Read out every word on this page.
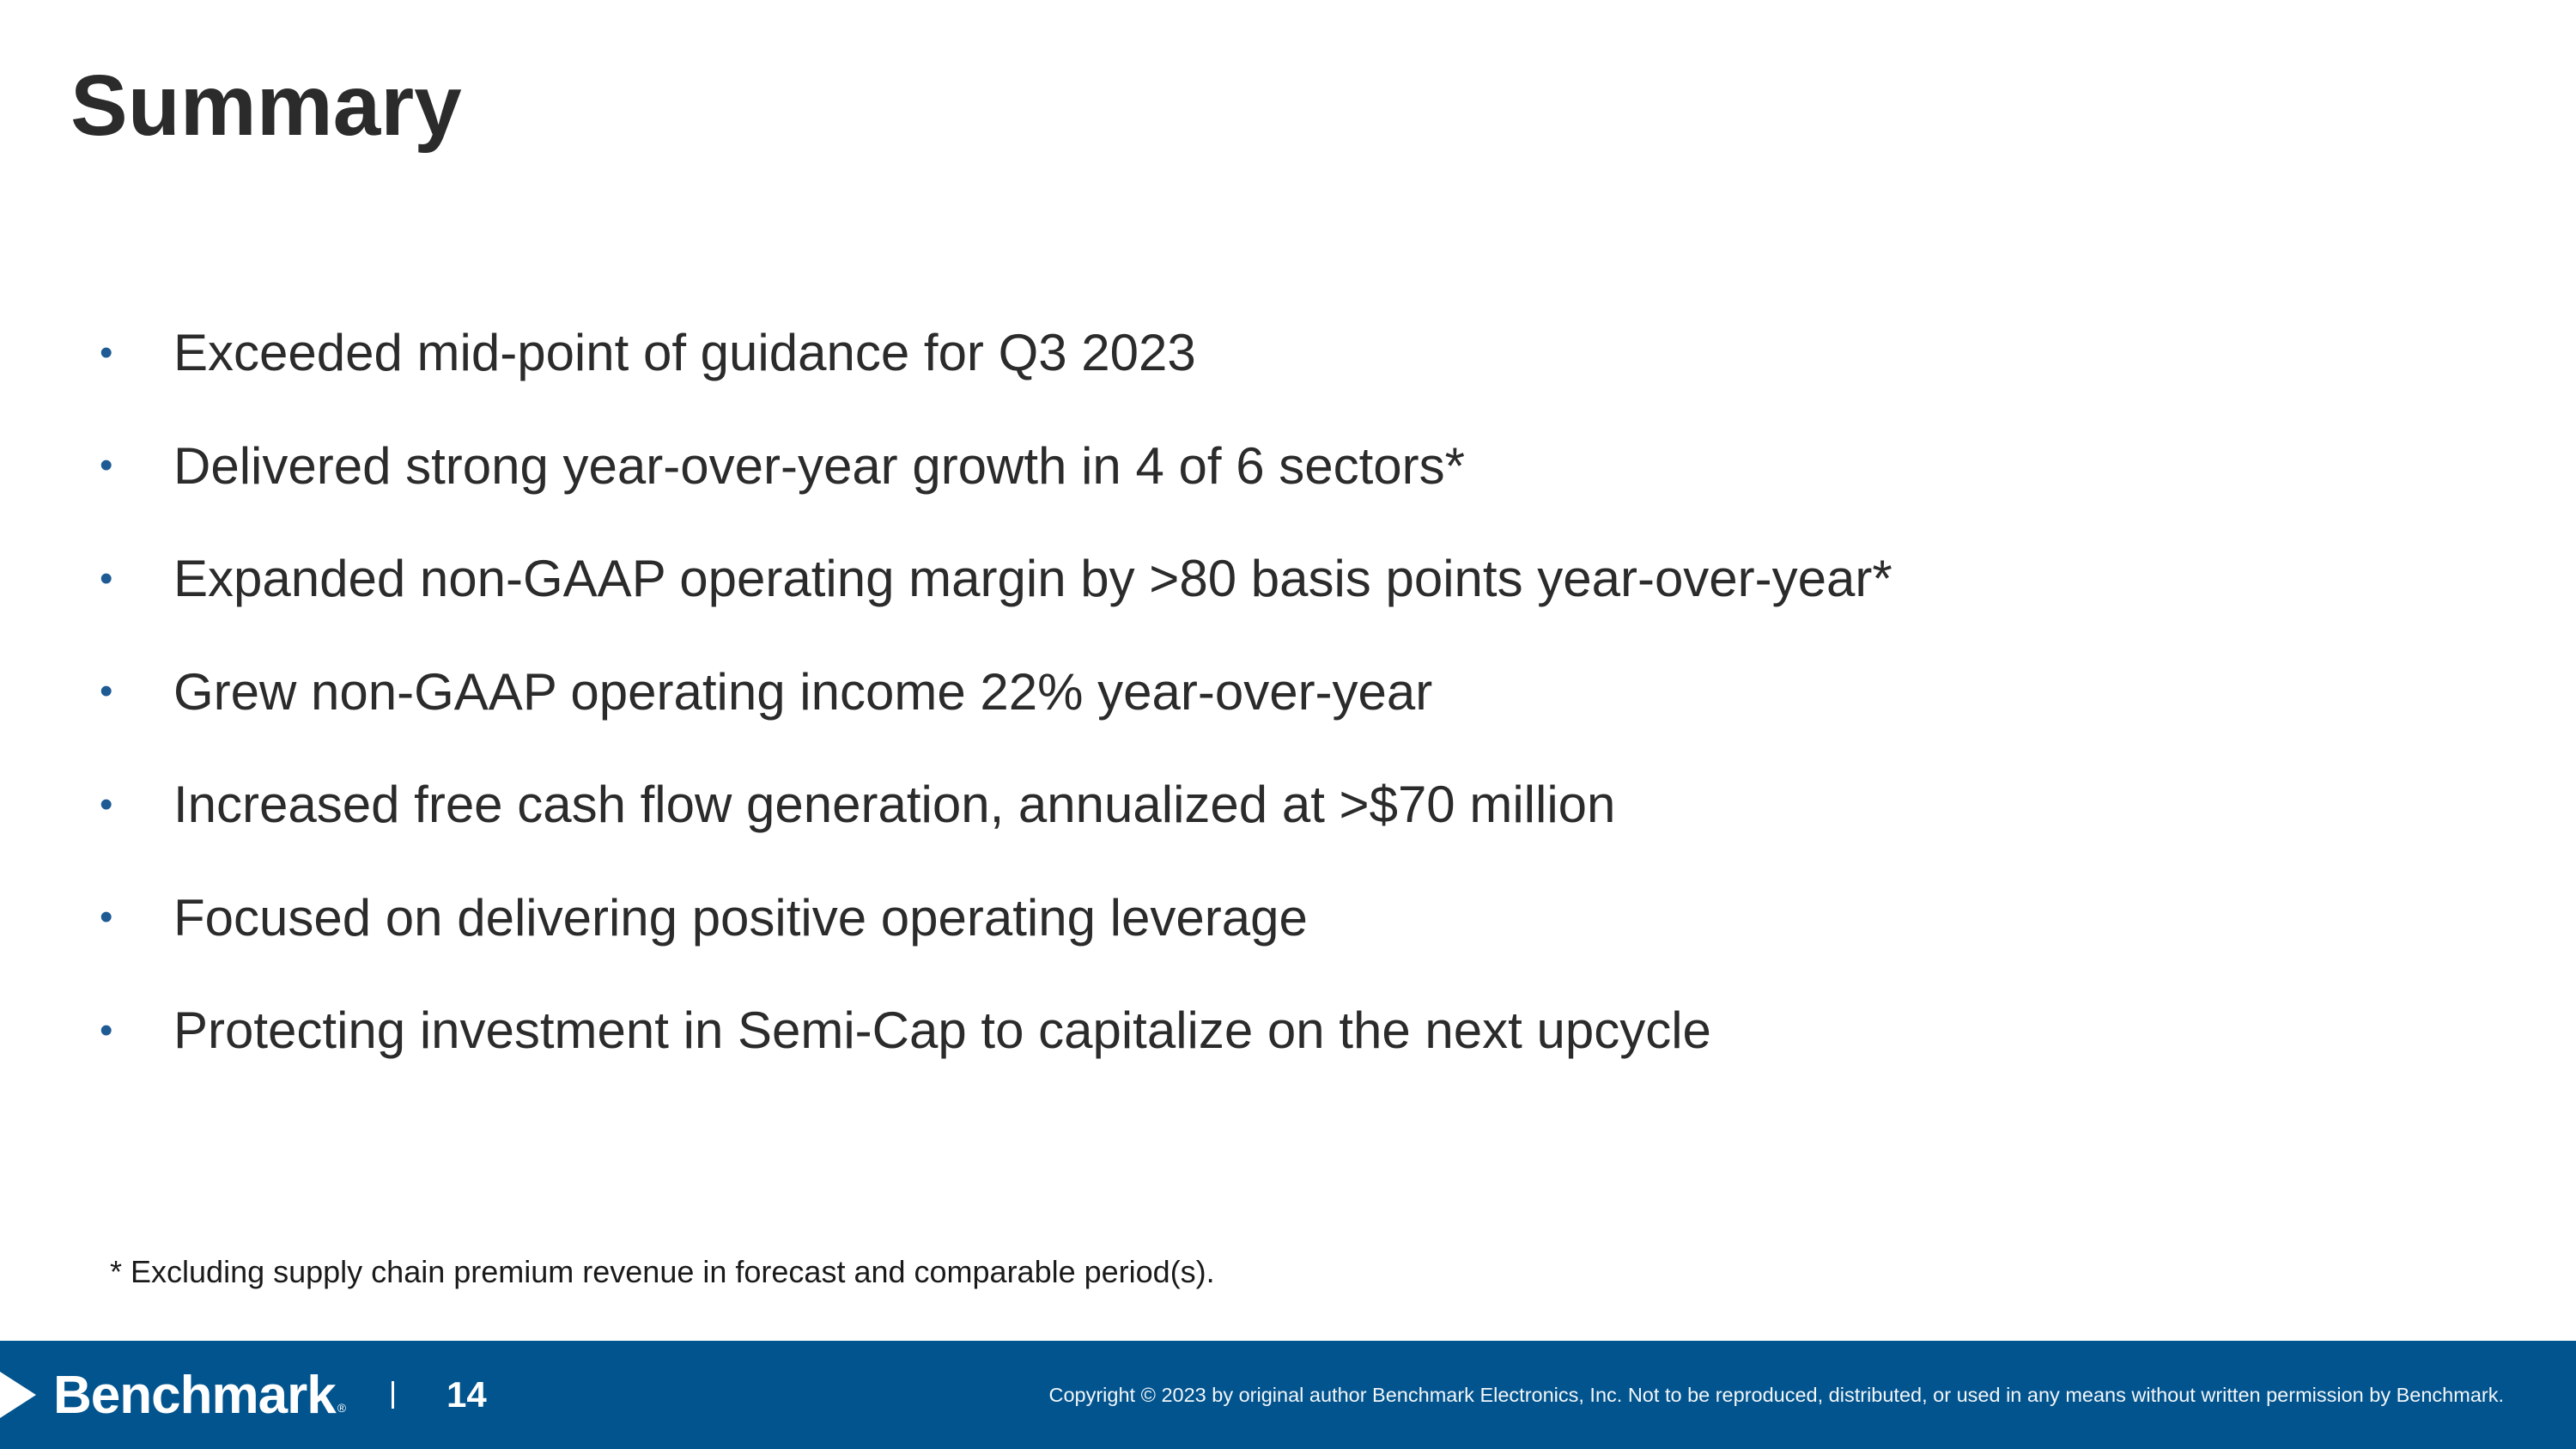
Summary
•	Exceeded mid-point of guidance for Q3 2023
•	Delivered strong year-over-year growth in 4 of 6 sectors*
•	Expanded non-GAAP operating margin by >80 basis points year-over-year*
•	Grew non-GAAP operating income 22% year-over-year
•	Increased free cash flow generation, annualized at >$70 million
•	Focused on delivering positive operating leverage
•	Protecting investment in Semi-Cap to capitalize on the next upcycle
* Excluding supply chain premium revenue in forecast and comparable period(s).
Benchmark ®	14	Copyright © 2023 by original author Benchmark Electronics, Inc. Not to be reproduced, distributed, or used in any means without written permission by Benchmark.
